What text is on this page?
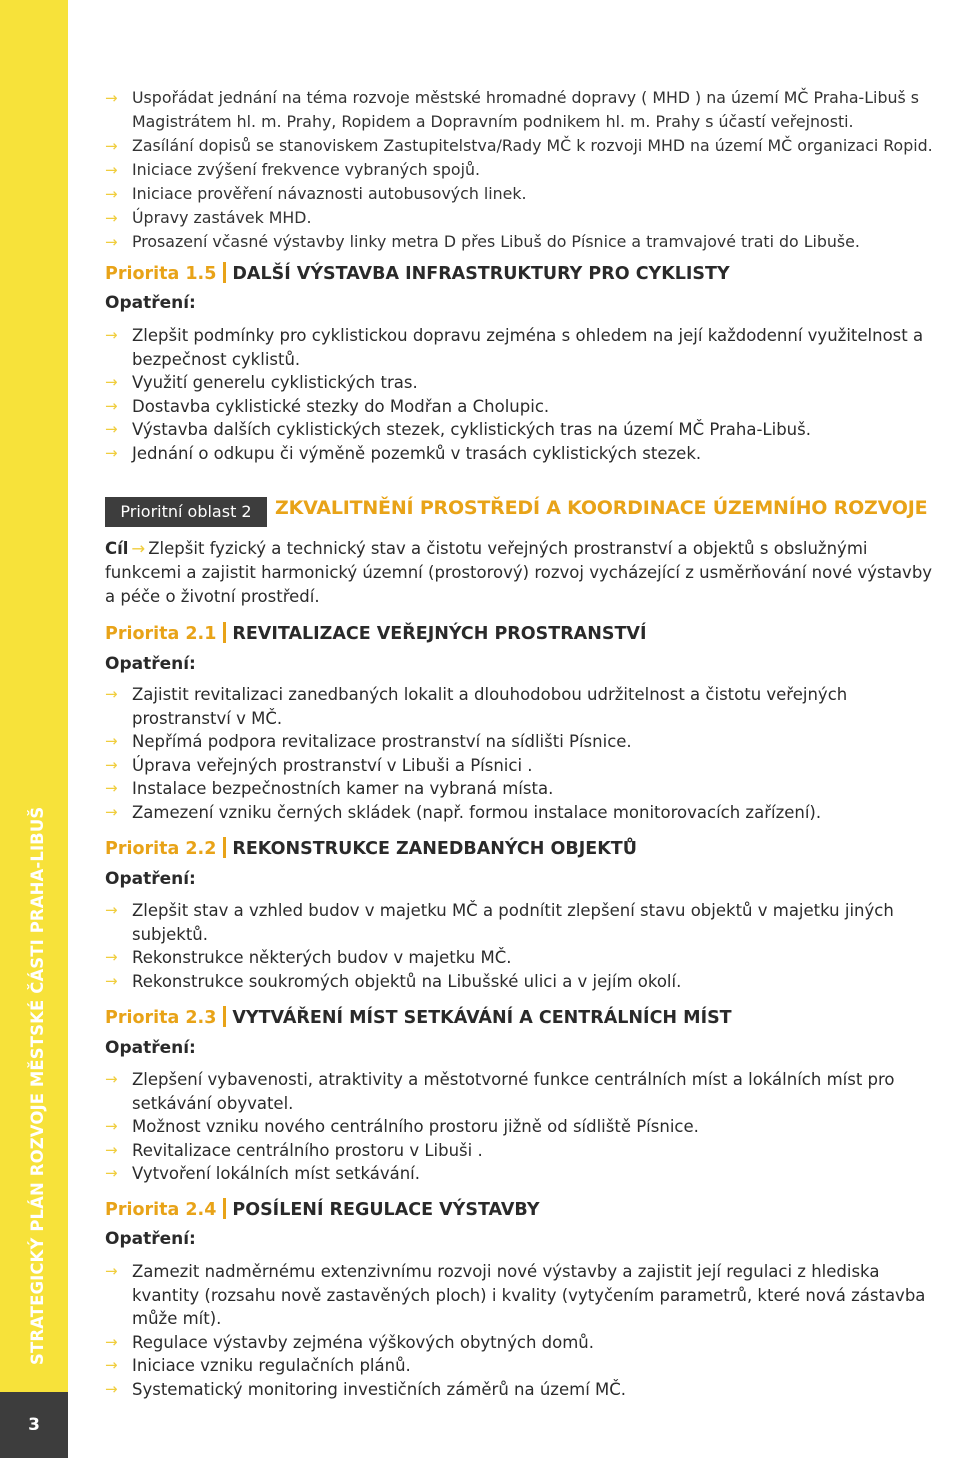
STRATEGICKÝ PLÁN ROZVOJE MĚSTSKÉ ČÁSTI PRAHA-LIBUŠ
3
→ Uspořádat jednání na téma rozvoje městské hromadné dopravy ( MHD ) na území MČ Praha-Libuš s Magistrátem hl. m. Prahy, Ropidem a Dopravním podnikem hl. m. Prahy s účastí veřejnosti.
→ Zasílání dopisů se stanoviskem Zastupitelstva/Rady MČ k rozvoji MHD na území MČ organizaci Ropid.
→ Iniciace zvýšení frekvence vybraných spojů.
→ Iniciace prověření návaznosti autobusových linek.
→ Úpravy zastávek MHD.
→ Prosazení včasné výstavby linky metra D přes Libuš do Písnice a tramvajové trati do Libuše.
Priorita 1.5 DALŠÍ VÝSTAVBA INFRASTRUKTURY PRO CYKLISTY
Opatření:
→ Zlepšit podmínky pro cyklistickou dopravu zejména s ohledem na její každodenní využitelnost a bezpečnost cyklistů.
→ Využití generelu cyklistických tras.
→ Dostavba cyklistické stezky do Modřan a Cholupic.
→ Výstavba dalších cyklistických stezek, cyklistických tras na území MČ Praha-Libuš.
→ Jednání o odkupu či výměně pozemků v trasách cyklistických stezek.
Prioritní oblast 2	ZKVALITNĚNÍ PROSTŘEDÍ A KOORDINACE ÚZEMNÍHO ROZVOJE
Cíl → Zlepšit fyzický a technický stav a čistotu veřejných prostranství a objektů s obslužnými funkcemi a zajistit harmonický územní (prostorový) rozvoj vycházející z usměrňování nové výstavby a péče o životní prostředí.
Priorita 2.1 REVITALIZACE VEŘEJNÝCH PROSTRANSTVÍ
Opatření:
→ Zajistit revitalizaci zanedbaných lokalit a dlouhodobou udržitelnost a čistotu veřejných prostranství v MČ.
→ Nepřímá podpora revitalizace prostranství na sídlišti Písnice.
→ Úprava veřejných prostranství v Libuši a Písnici .
→ Instalace bezpečnostních kamer na vybraná místa.
→ Zamezení vzniku černých skládek (např. formou instalace monitorovacích zařízení).
Priorita 2.2 REKONSTRUKCE ZANEDBANÝCH OBJEKTŮ
Opatření:
→ Zlepšit stav a vzhled budov v majetku MČ a podnítit zlepšení stavu objektů v majetku jiných subjektů.
→ Rekonstrukce některých budov v majetku MČ.
→ Rekonstrukce soukromých objektů na Libušské ulici a v jejím okolí.
Priorita 2.3 VYTVÁŘENÍ MÍST SETKÁVÁNÍ A CENTRÁLNÍCH MÍST
Opatření:
→ Zlepšení vybavenosti, atraktivity a městotvorné funkce centrálních míst a lokálních míst pro setkávání obyvatel.
→ Možnost vzniku nového centrálního prostoru jižně od sídliště Písnice.
→ Revitalizace centrálního prostoru v Libuši .
→ Vytvoření lokálních míst setkávání.
Priorita 2.4 POSÍLENÍ REGULACE VÝSTAVBY
Opatření:
→ Zamezit nadměrnému extenzivnímu rozvoji nové výstavby a zajistit její regulaci z hlediska kvantity (rozsahu nově zastavěných ploch) i kvality (vytyčením parametrů, které nová zástavba může mít).
→ Regulace výstavby zejména výškových obytných domů.
→ Iniciace vzniku regulačních plánů.
→ Systematický monitoring investičních záměrů na území MČ.
